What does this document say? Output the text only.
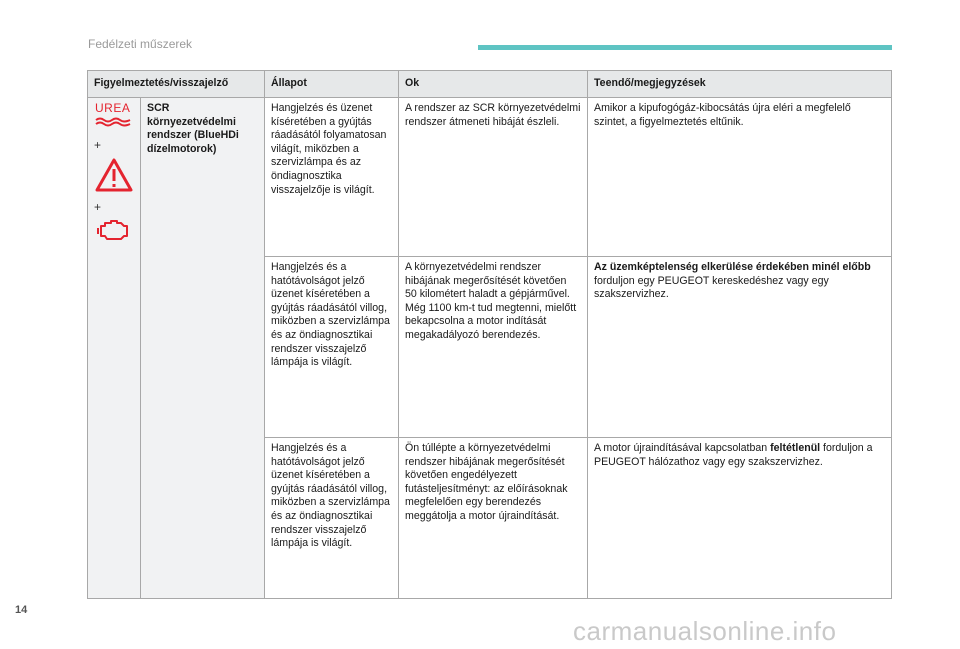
Fedélzeti műszerek
Figyelmeztetés/visszajelző		Állapot	Ok	Teendő/megjegyzések

UREA
+
+	SCR környezetvédelmi rendszer (BlueHDi dízelmotorok)	Hangjelzés és üzenet kíséretében a gyújtás ráadásától folyamatosan világít, miközben a szervizlámpa és az öndiagnosztika visszajelzője is világít.	A rendszer az SCR környezetvédelmi rendszer átmeneti hibáját észleli.	Amikor a kipufogógáz-kibocsátás újra eléri a megfelelő szintet, a figyelmeztetés eltűnik.
		Hangjelzés és a hatótávolságot jelző üzenet kíséretében a gyújtás ráadásától villog, miközben a szervizlámpa és az öndiagnosztikai rendszer visszajelző lámpája is világít.	A környezetvédelmi rendszer hibájának megerősítését követően 50 kilométert haladt a gépjárművel. Még 1100 km-t tud megtenni, mielőtt bekapcsolna a motor indítását megakadályozó berendezés.	Az üzemképtelenség elkerülése érdekében minél előbb forduljon egy PEUGEOT kereskedéshez vagy egy szakszervizhez.
		Hangjelzés és a hatótávolságot jelző üzenet kíséretében a gyújtás ráadásától villog, miközben a szervizlámpa és az öndiagnosztikai rendszer visszajelző lámpája is világít.	Ön túllépte a környezetvédelmi rendszer hibájának megerősítését követően engedélyezett futásteljesítményt: az előírásoknak megfelelően egy berendezés meggátolja a motor újraindítását.	A motor újraindításával kapcsolatban feltétlenül forduljon a PEUGEOT hálózathoz vagy egy szakszervizhez.
14
carmanualsonline.info
